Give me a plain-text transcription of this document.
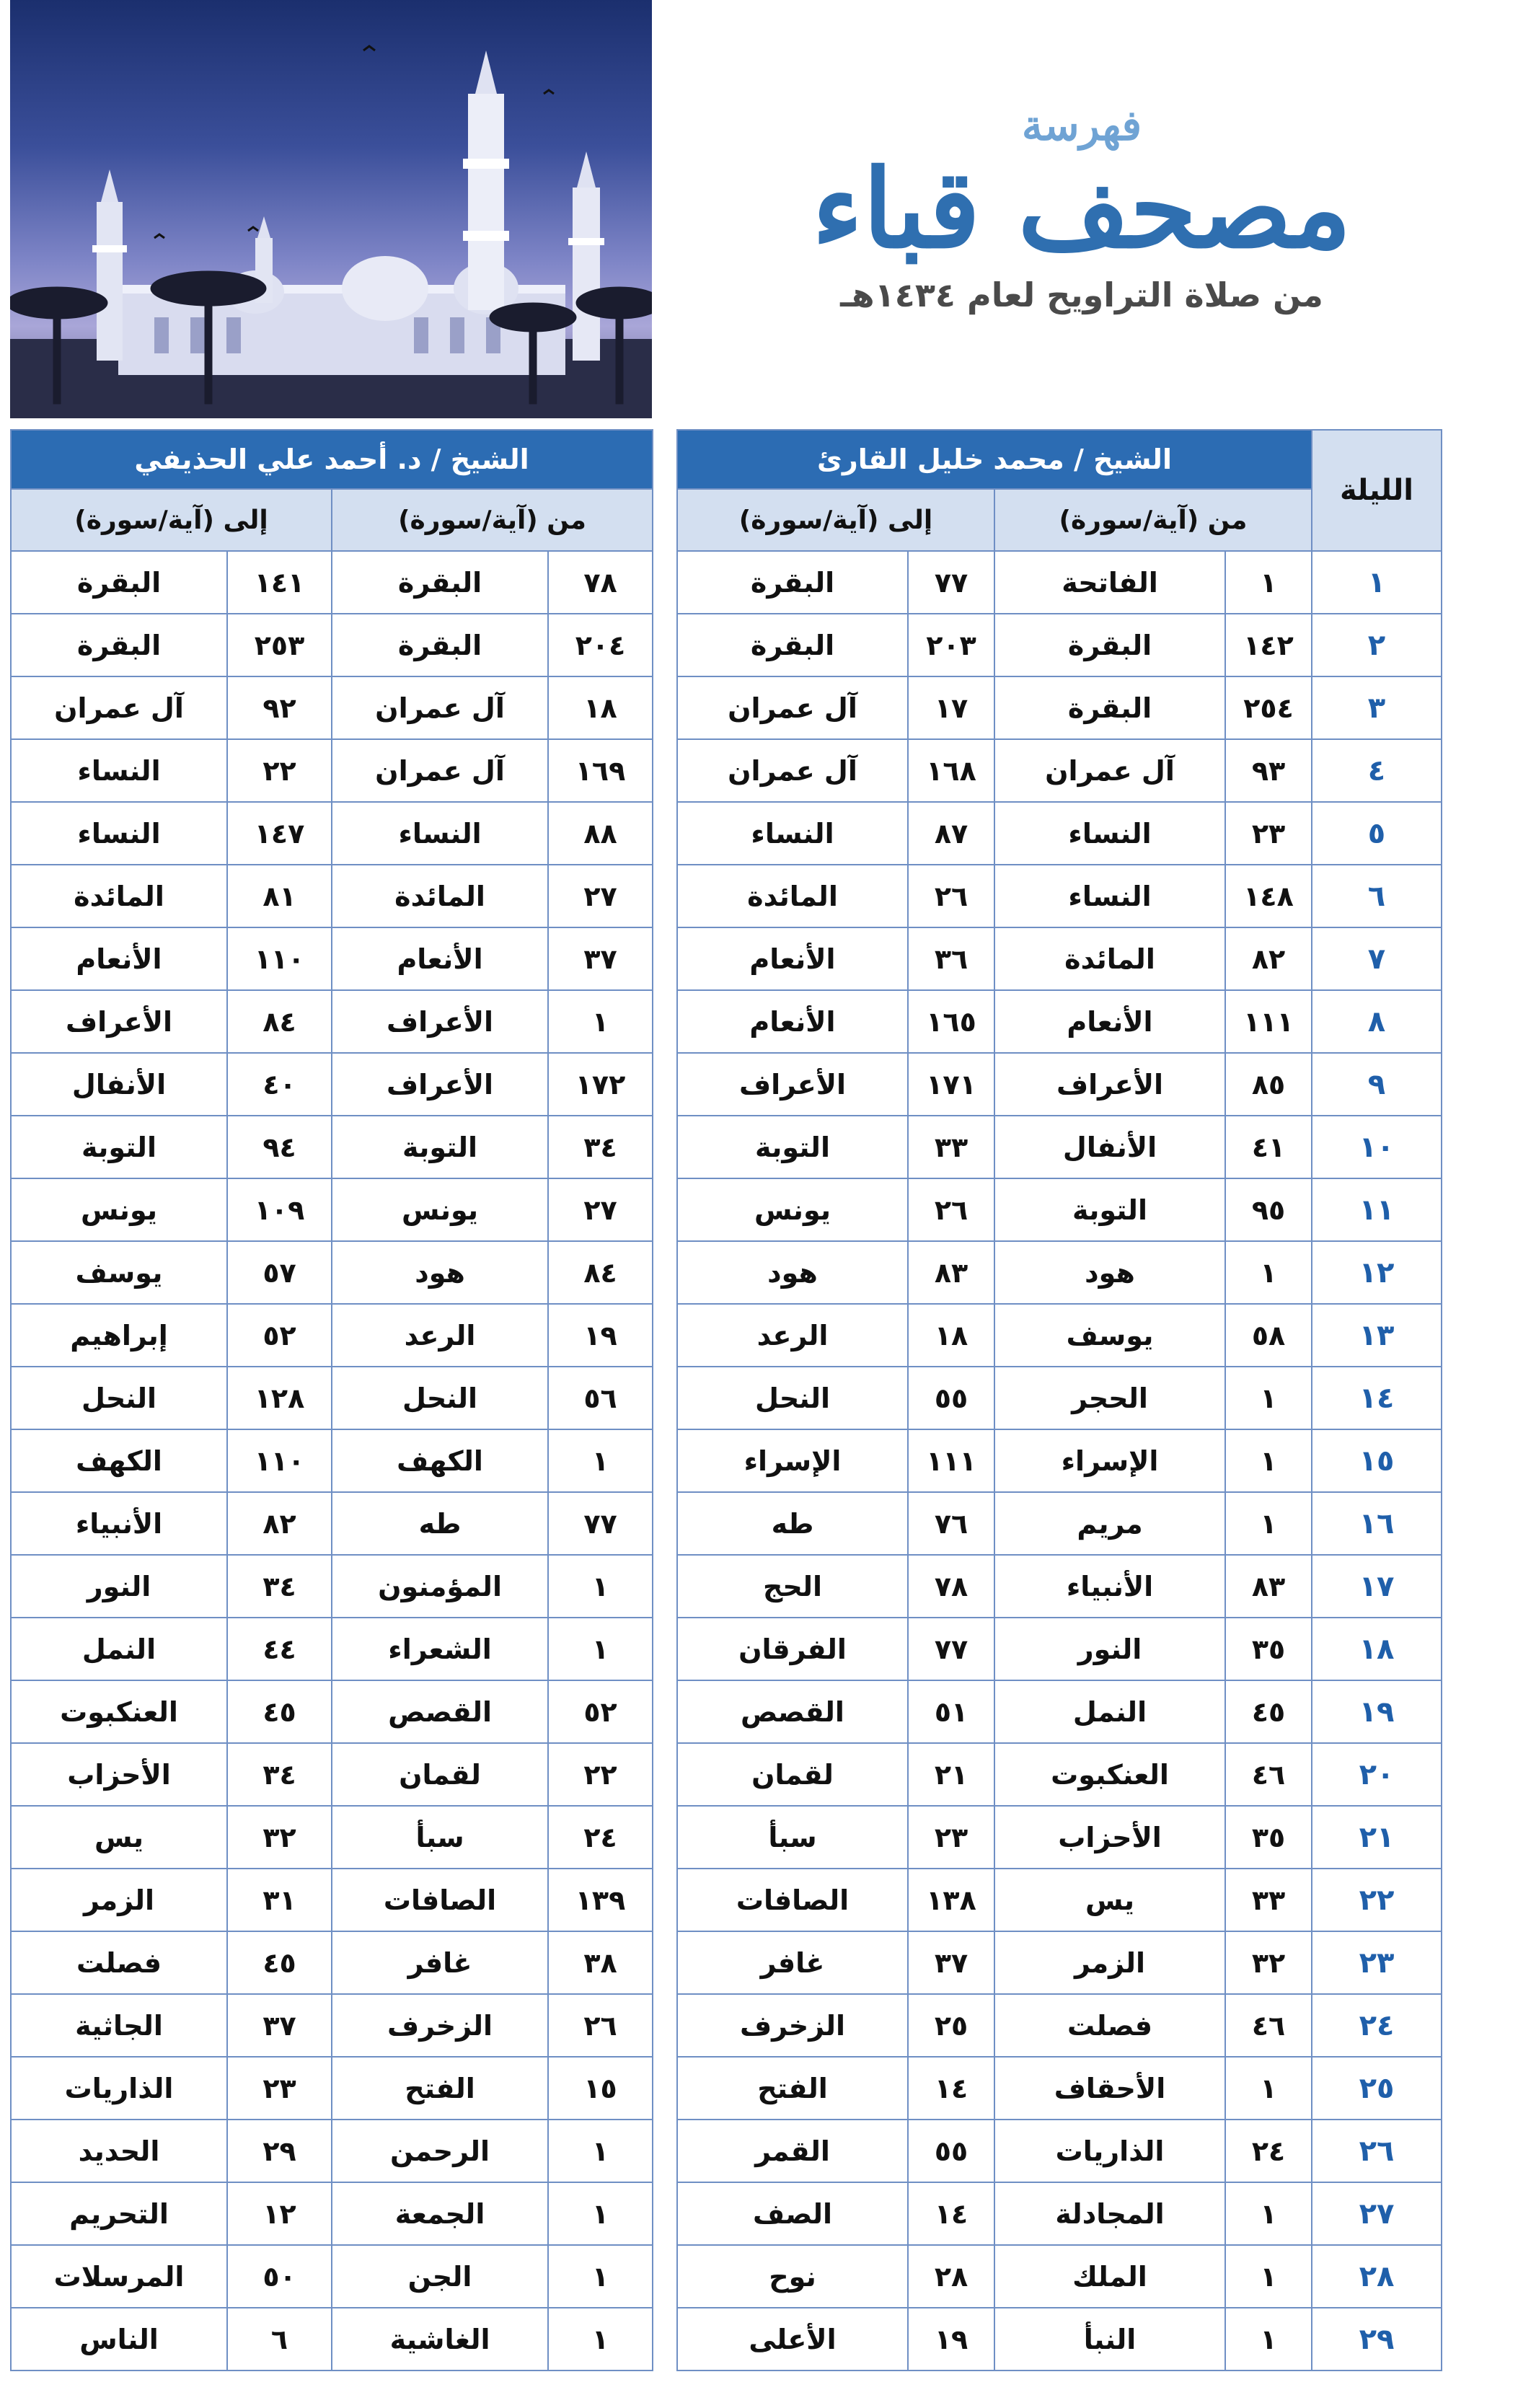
فهرسة
مصحف قباء
من صلاة التراويح لعام ١٤٣٤هـ
الليلة	الشيخ / محمد خليل القارئ			
	من (آية/سورة)		إلى (آية/سورة)	
١	١	الفاتحة	٧٧	البقرة
٢	١٤٢	البقرة	٢٠٣	البقرة
٣	٢٥٤	البقرة	١٧	آل عمران
٤	٩٣	آل عمران	١٦٨	آل عمران
٥	٢٣	النساء	٨٧	النساء
٦	١٤٨	النساء	٢٦	المائدة
٧	٨٢	المائدة	٣٦	الأنعام
٨	١١١	الأنعام	١٦٥	الأنعام
٩	٨٥	الأعراف	١٧١	الأعراف
١٠	٤١	الأنفال	٣٣	التوبة
١١	٩٥	التوبة	٢٦	يونس
١٢	١	هود	٨٣	هود
١٣	٥٨	يوسف	١٨	الرعد
١٤	١	الحجر	٥٥	النحل
١٥	١	الإسراء	١١١	الإسراء
١٦	١	مريم	٧٦	طه
١٧	٨٣	الأنبياء	٧٨	الحج
١٨	٣٥	النور	٧٧	الفرقان
١٩	٤٥	النمل	٥١	القصص
٢٠	٤٦	العنكبوت	٢١	لقمان
٢١	٣٥	الأحزاب	٢٣	سبأ
٢٢	٣٣	يس	١٣٨	الصافات
٢٣	٣٢	الزمر	٣٧	غافر
٢٤	٤٦	فصلت	٢٥	الزخرف
٢٥	١	الأحقاف	١٤	الفتح
٢٦	٢٤	الذاريات	٥٥	القمر
٢٧	١	المجادلة	١٤	الصف
٢٨	١	الملك	٢٨	نوح
٢٩	١	النبأ	١٩	الأعلى
الشيخ / د. أحمد علي الحذيفي			
من (آية/سورة)		إلى (آية/سورة)	
٧٨	البقرة	١٤١	البقرة
٢٠٤	البقرة	٢٥٣	البقرة
١٨	آل عمران	٩٢	آل عمران
١٦٩	آل عمران	٢٢	النساء
٨٨	النساء	١٤٧	النساء
٢٧	المائدة	٨١	المائدة
٣٧	الأنعام	١١٠	الأنعام
١	الأعراف	٨٤	الأعراف
١٧٢	الأعراف	٤٠	الأنفال
٣٤	التوبة	٩٤	التوبة
٢٧	يونس	١٠٩	يونس
٨٤	هود	٥٧	يوسف
١٩	الرعد	٥٢	إبراهيم
٥٦	النحل	١٢٨	النحل
١	الكهف	١١٠	الكهف
٧٧	طه	٨٢	الأنبياء
١	المؤمنون	٣٤	النور
١	الشعراء	٤٤	النمل
٥٢	القصص	٤٥	العنكبوت
٢٢	لقمان	٣٤	الأحزاب
٢٤	سبأ	٣٢	يس
١٣٩	الصافات	٣١	الزمر
٣٨	غافر	٤٥	فصلت
٢٦	الزخرف	٣٧	الجاثية
١٥	الفتح	٢٣	الذاريات
١	الرحمن	٢٩	الحديد
١	الجمعة	١٢	التحريم
١	الجن	٥٠	المرسلات
١	الغاشية	٦	الناس
